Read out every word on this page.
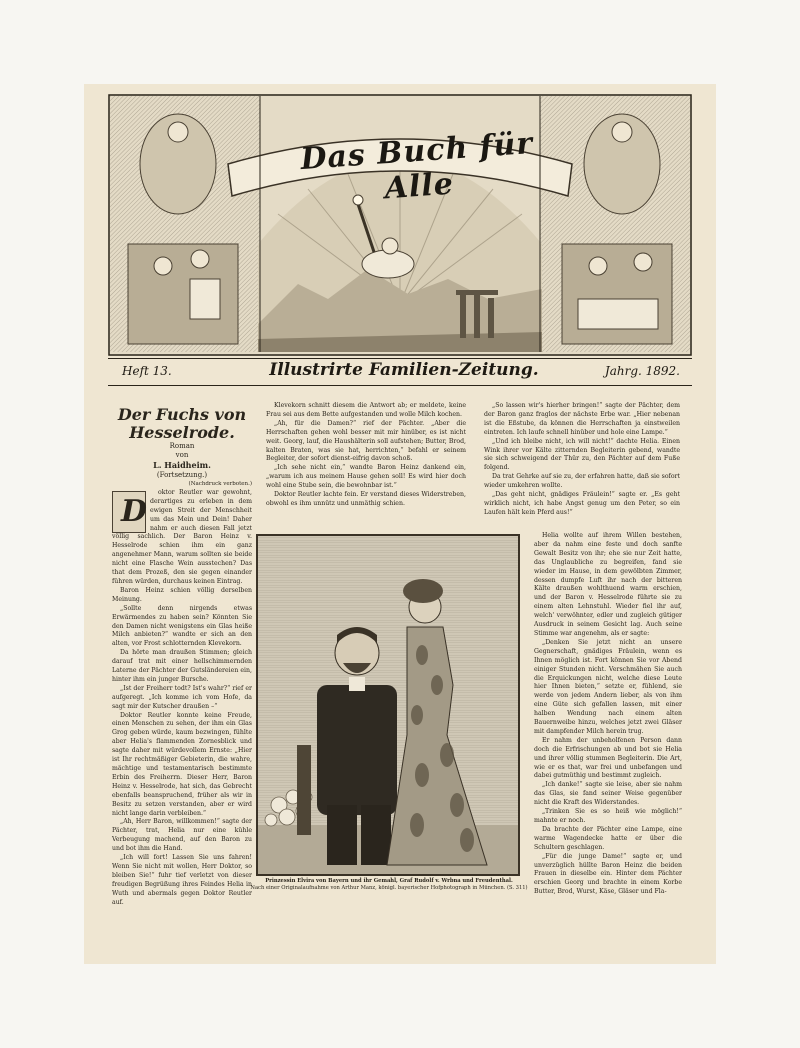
Das Buch für Alle
Heft 13.	Illustrirte Familien-Zeitung.	Jahrg. 1892.

Der Fuchs von Hesselrode.

Roman

von

L. Haidheim.

(Fortsetzung.)

(Nachdruck verboten.)

D
oktor Reutler war gewohnt, derartiges zu erleben in dem ewigen Streit der Menschheit um das Mein und Dein! Daher nahm er auch diesen Fall jetzt völlig sachlich. Der Baron Heinz v. Hesselrode schien ihm ein ganz angenehmer Mann, warum sollten sie beide nicht eine Flasche Wein ausstechen? Das that dem Prozeß, den sie gegen einander führen würden, durchaus keinen Eintrag.

Baron Heinz schien völlig derselben Meinung.

„Sollte denn nirgends etwas Erwärmendes zu haben sein? Könnten Sie den Damen nicht wenigstens ein Glas heiße Milch anbieten?“ wandte er sich an den alten, vor Frost schlotternden Klevekorn.

Da hörte man draußen Stimmen; gleich darauf trat mit einer hellschimmernden Laterne der Pächter der Gutsländereien ein, hinter ihm ein junger Bursche.

„Ist der Freiherr todt? Ist's wahr?“ rief er aufgeregt. „Ich komme ich vom Hofe, da sagt mir der Kutscher draußen –“

Doktor Reutler konnte keine Freude, einen Menschen zu sehen, der ihm ein Glas Grog geben würde, kaum bezwingen, fühlte aber Helia's flammenden Zornesblick und sagte daher mit würdevollem Ernste: „Hier ist Ihr rechtmäßiger Gebieterin, die wahre, mächtige und testamentarisch bestimmte Erbin des Freiherrn. Dieser Herr, Baron Heinz v. Hesselrode, hat sich, das Gebrecht ebenfalls beanspruchend, früher als wir in Besitz zu setzen verstanden, aber er wird nicht lange darin verbleiben.“

„Ah, Herr Baron, willkommen!“ sagte der Pächter, trat, Helia nur eine kühle Verbeugung machend, auf den Baron zu und bot ihm die Hand.

„Ich will fort! Lassen Sie uns fahren! Wenn Sie nicht mit wollen, Herr Doktor, so bleiben Sie!“ fuhr tief verletzt von dieser freudigen Begrüßung ihres Feindes Helia in Wuth und abermals gegen Doktor Reutler auf.

Klevekorn schnitt diesem die Antwort ab; er meldete, keine Frau sei aus dem Bette aufgestanden und wolle Milch kochen.

„Ah, für die Damen?“ rief der Pächter. „Aber die Herrschaften gehen wohl besser mit mir hinüber, es ist nicht weit. Georg, lauf, die Haushälterin soll aufstehen; Butter, Brod, kalten Braten, was sie hat, herrichten,“ befahl er seinem Begleiter, der sofort dienst-eifrig davon schoß.

„Ich sehe nicht ein,“ wandte Baron Heinz dankend ein, „warum ich aus meinem Hause gehen soll! Es wird hier doch wohl eine Stube sein, die bewohnbar ist.“

Doktor Reutler lachte fein. Er verstand dieses Widerstreben, obwohl es ihm unnütz und unmäthig schien.

„So lassen wir's hierher bringen!“ sagte der Pächter, dem der Baron ganz fraglos der nächste Erbe war. „Hier nebenan ist die Eßstube, da können die Herrschaften ja einstweilen eintreten. Ich laufe schnell hinüber und hole eine Lampe.“

„Und ich bleibe nicht, ich will nicht!“ dachte Helia. Einen Wink ihrer vor Kälte zitternden Begleiterin gebend, wandte sie sich schweigend der Thür zu, den Pächter auf dem Fuße folgend.

Da trat Gehrke auf sie zu, der erfahren hatte, daß sie sofort wieder umkehren wollte.

„Das geht nicht, gnädiges Fräulein!“ sagte er. „Es geht wirklich nicht, ich habe Angst genug um den Peter, so ein Laufen hält kein Pferd aus!“

Helia wollte auf ihrem Willen bestehen, aber da nahm eine feste und doch sanfte Gewalt Besitz von ihr; ehe sie nur Zeit hatte, das Unglaubliche zu begreifen, fand sie wieder im Hause, in dem gewölbten Zimmer, dessen dumpfe Luft ihr nach der bitteren Kälte draußen wohlthuend warm erschien, und der Baron v. Hesselrode führte sie zu einem alten Lehnstuhl. Wieder fiel ihr auf, welch' verwöhnter, edler und zugleich gütiger Ausdruck in seinem Gesicht lag. Auch seine Stimme war angenehm, als er sagte:

„Denken Sie jetzt nicht an unsere Gegnerschaft, gnädiges Fräulein, wenn es Ihnen möglich ist. Fort können Sie vor Abend einiger Stunden nicht. Verschmähen Sie auch die Erquickungen nicht, welche diese Leute hier Ihnen bieten,“ setzte er, fühlend, sie werde von jedem Andern lieber, als von ihm eine Güte sich gefallen lassen, mit einer halben Wendung nach einem alten Bauernweibe hinzu, welches jetzt zwei Gläser mit dampfender Milch herein trug.

Er nahm der unbeholfenen Person dann doch die Erfrischungen ab und bot sie Helia und ihrer völlig stummen Begleiterin. Die Art, wie er es that, war frei und unbefangen und dabei gutmüthig und bestimmt zugleich.

„Ich danke!“ sagte sie leise, aber sie nahm das Glas, sie fand seiner Weise gegenüber nicht die Kraft des Widerstandes.

„Trinken Sie es so heiß wie möglich!“ mahnte er noch.

Da brachte der Pächter eine Lampe, eine warme Wagendecke hatte er über die Schultern geschlagen.

„Für die junge Dame!“ sagte er, und unverzüglich hüllte Baron Heinz die beiden Frauen in dieselbe ein. Hinter dem Pächter erschien Georg und brachte in einem Korbe Butter, Brod, Wurst, Käse, Gläser und Fla-

Prinzessin Elvira von Bayern und ihr Gemahl, Graf Rudolf v. Wrbna und Freudenthal.
Nach einer Originalaufnahme von Arthur Manz, königl. bayerischer Hofphotograph in München. (S. 311)
